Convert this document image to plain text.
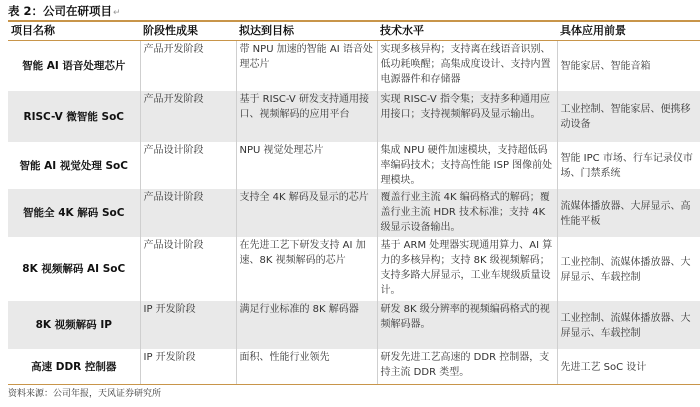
表 2：公司在研项目↵
项目名称	阶段性成果	拟达到目标	技术水平	具体应用前景
智能 AI 语音处理芯片	产品开发阶段	带 NPU 加速的智能 AI 语音处理芯片	实现多核异构；支持离在线语音识别、低功耗唤醒；高集成度设计、支持内置电源器件和存储器	智能家居、智能音箱
RISC-V 微智能 SoC	产品开发阶段	基于 RISC-V 研发支持通用接口、视频解码的应用平台	实现 RISC-V 指令集；支持多种通用应用接口；支持视频解码及显示输出。	工业控制、智能家居、便携移动设备
智能 AI 视觉处理 SoC	产品设计阶段	NPU 视觉处理芯片	集成 NPU 硬件加速模块，支持超低码率编码技术；支持高性能 ISP 图像前处理模块。	智能 IPC 市场、行车记录仪市场、门禁系统
智能全 4K 解码 SoC	产品设计阶段	支持全 4K 解码及显示的芯片	覆盖行业主流 4K 编码格式的解码；覆盖行业主流 HDR 技术标准；支持 4K 级显示设备输出。	流媒体播放器、大屏显示、高性能平板
8K 视频解码 AI SoC	产品设计阶段	在先进工艺下研发支持 AI 加速、8K 视频解码的芯片	基于 ARM 处理器实现通用算力、AI 算力的多核异构；支持 8K 级视频解码；支持多路大屏显示，工业车规级质量设计。	工业控制、流媒体播放器、大屏显示、车载控制
8K 视频解码 IP	IP 开发阶段	满足行业标准的 8K 解码器	研发 8K 级分辨率的视频编码格式的视频解码器。	工业控制、流媒体播放器、大屏显示、车载控制
高速 DDR 控制器	IP 开发阶段	面积、性能行业领先	研发先进工艺高速的 DDR 控制器，支持主流 DDR 类型。	先进工艺 SoC 设计
资料来源：公司年报，天风证券研究所
